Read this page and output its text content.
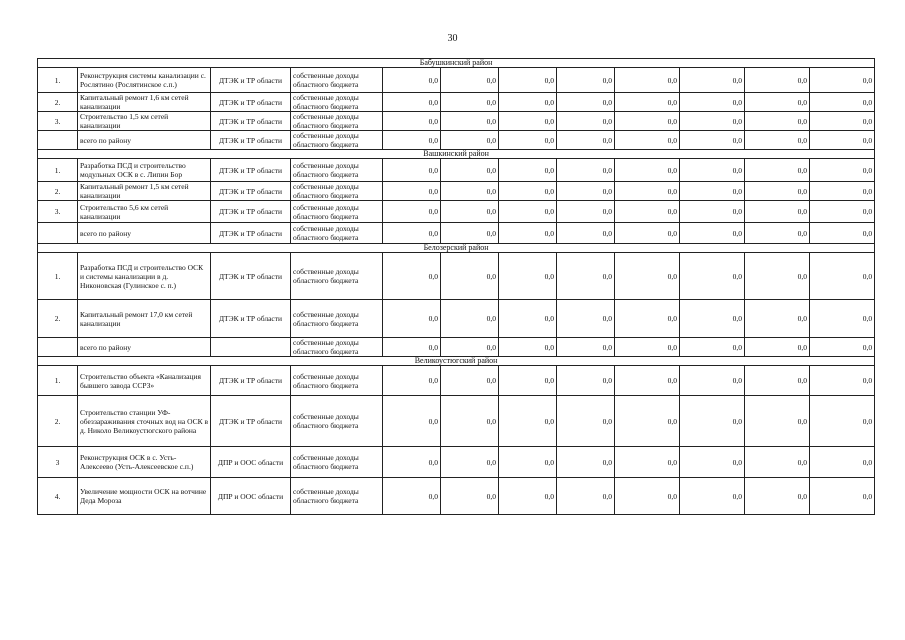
30
Бабушкинский район											
1.	Реконструкция системы канализации с. Рослятино (Рослятинское с.п.)	ДТЭК и ТР области	собственные доходы областного бюджета	0,0	0,0	0,0	0,0	0,0	0,0	0,0	0,0
2.	Капитальный ремонт 1,6 км сетей канализации	ДТЭК и ТР области	собственные доходы областного бюджета	0,0	0,0	0,0	0,0	0,0	0,0	0,0	0,0
3.	Строительство 1,5 км сетей канализации	ДТЭК и ТР области	собственные доходы областного бюджета	0,0	0,0	0,0	0,0	0,0	0,0	0,0	0,0
	всего по району	ДТЭК и ТР области	собственные доходы областного бюджета	0,0	0,0	0,0	0,0	0,0	0,0	0,0	0,0
Вашкинский район											
1.	Разработка ПСД и строительство модульных ОСК в с. Липин Бор	ДТЭК и ТР области	собственные доходы областного бюджета	0,0	0,0	0,0	0,0	0,0	0,0	0,0	0,0
2.	Капитальный ремонт 1,5 км сетей канализации	ДТЭК и ТР области	собственные доходы областного бюджета	0,0	0,0	0,0	0,0	0,0	0,0	0,0	0,0
3.	Строительство 5,6 км сетей канализации	ДТЭК и ТР области	собственные доходы областного бюджета	0,0	0,0	0,0	0,0	0,0	0,0	0,0	0,0
	всего по району	ДТЭК и ТР области	собственные доходы областного бюджета	0,0	0,0	0,0	0,0	0,0	0,0	0,0	0,0
Белозерский район											
1.	Разработка ПСД и строительство ОСК и системы канализации в д. Никоновская (Гулинское с. п.)	ДТЭК и ТР области	собственные доходы областного бюджета	0,0	0,0	0,0	0,0	0,0	0,0	0,0	0,0
2.	Капитальный ремонт 17,0 км сетей канализации	ДТЭК и ТР области	собственные доходы областного бюджета	0,0	0,0	0,0	0,0	0,0	0,0	0,0	0,0
	всего по району		собственные доходы областного бюджета	0,0	0,0	0,0	0,0	0,0	0,0	0,0	0,0
Великоустюгский район											
1.	Строительство объекта «Канализация бывшего завода ССРЗ»	ДТЭК и ТР области	собственные доходы областного бюджета	0,0	0,0	0,0	0,0	0,0	0,0	0,0	0,0
2.	Строительство станции УФ-обеззараживания сточных вод на ОСК в д. Николо Великоустюгского района	ДТЭК и ТР области	собственные доходы областного бюджета	0,0	0,0	0,0	0,0	0,0	0,0	0,0	0,0
3	Реконструкция ОСК в с. Усть-Алексеево (Усть-Алексеевское с.п.)	ДПР и ООС области	собственные доходы областного бюджета	0,0	0,0	0,0	0,0	0,0	0,0	0,0	0,0
4.	Увеличение мощности ОСК на вотчине Деда Мороза	ДПР и ООС области	собственные доходы областного бюджета	0,0	0,0	0,0	0,0	0,0	0,0	0,0	0,0
